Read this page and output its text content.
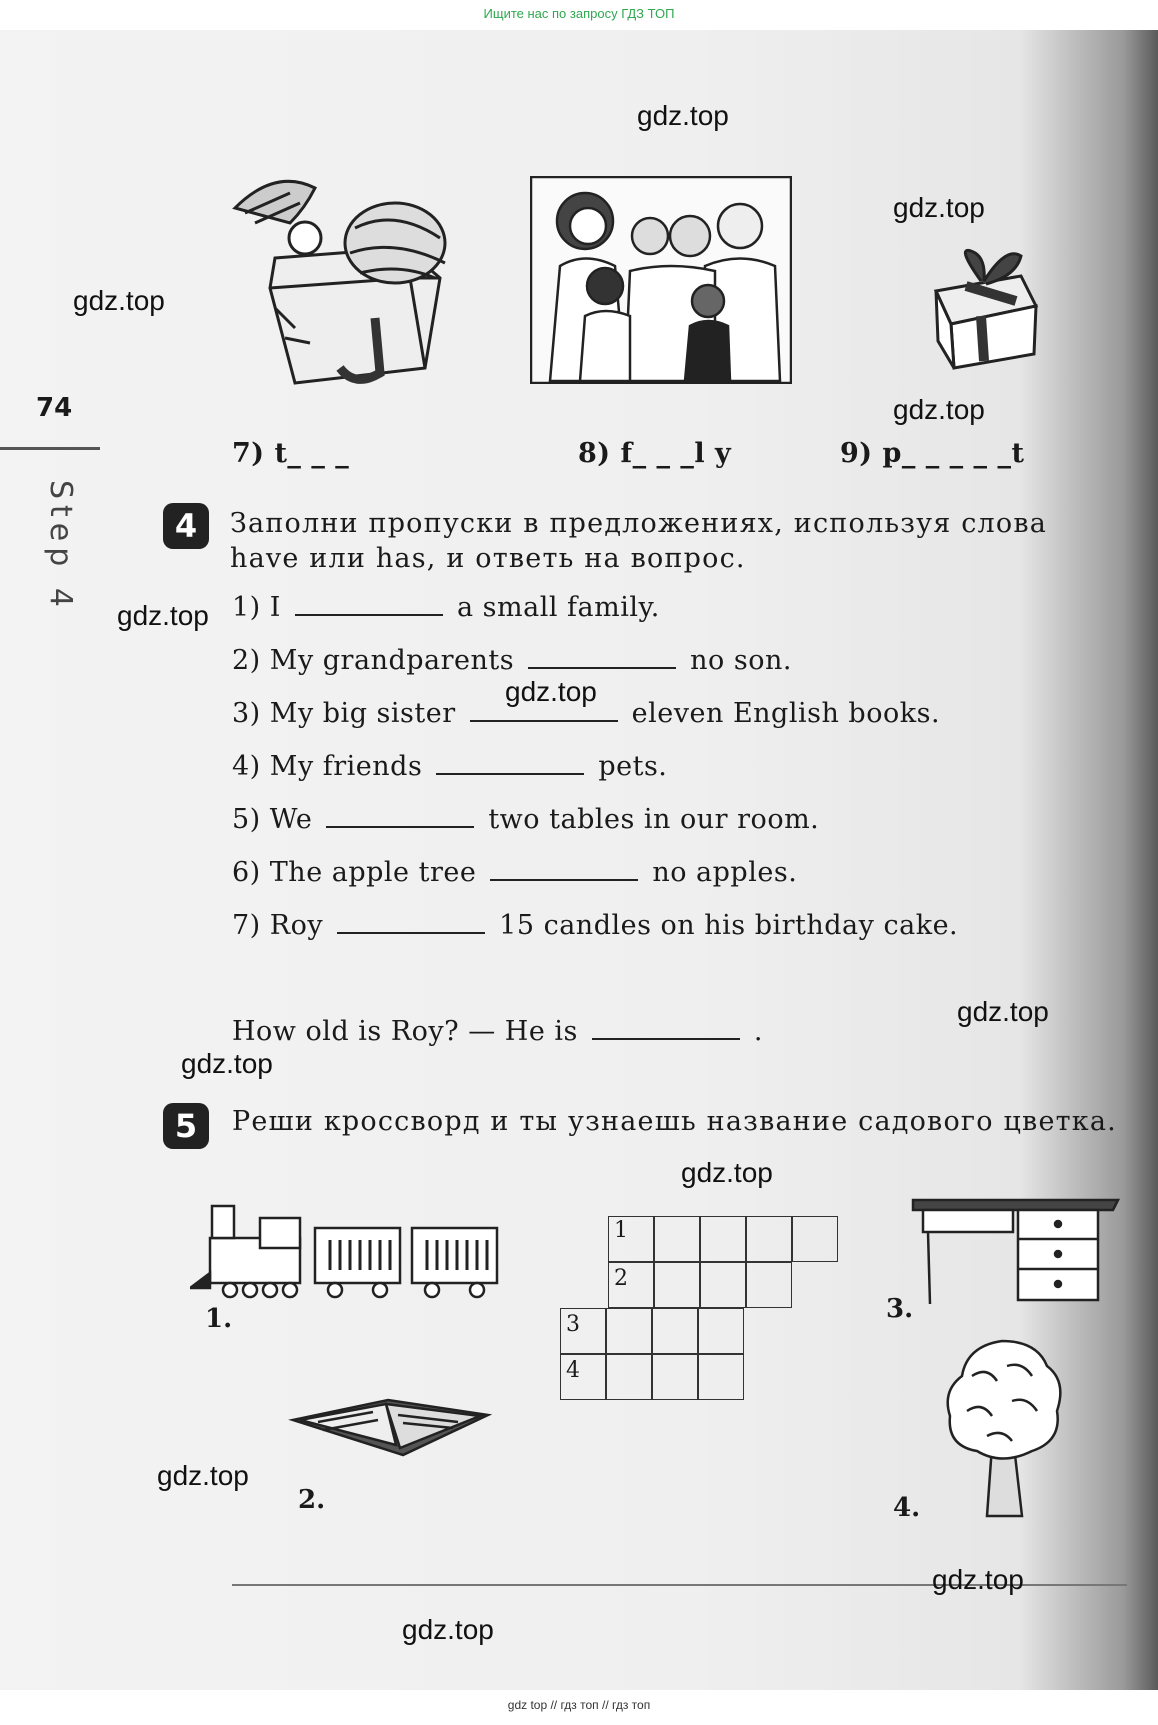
Ищите нас по запросу ГДЗ ТОП
74
Step 4
7) t_ _ _	8) f_ _ _l y	9) p_ _ _ _ _t
4	Заполни пропуски в предложениях, используя слова have или has, и ответь на вопрос.
1) I	a small family.
2) My grandparents	no son.
3) My big sister	eleven English books.
4) My friends	pets.
5) We	two tables in our room.
6) The apple tree	no apples.
7) Roy	15 candles on his birthday cake.
How old is Roy? — He is	.
5	Реши кроссворд и ты узнаешь название садового цветка.
1
2
3
4
1.	3.
2.	4.
gdz.top
gdz.top
gdz.top
gdz.top
gdz.top
gdz.top
gdz.top
gdz.top
gdz.top
gdz.top
gdz.top
gdz.top
gdz top // гдз топ // гдз топ
